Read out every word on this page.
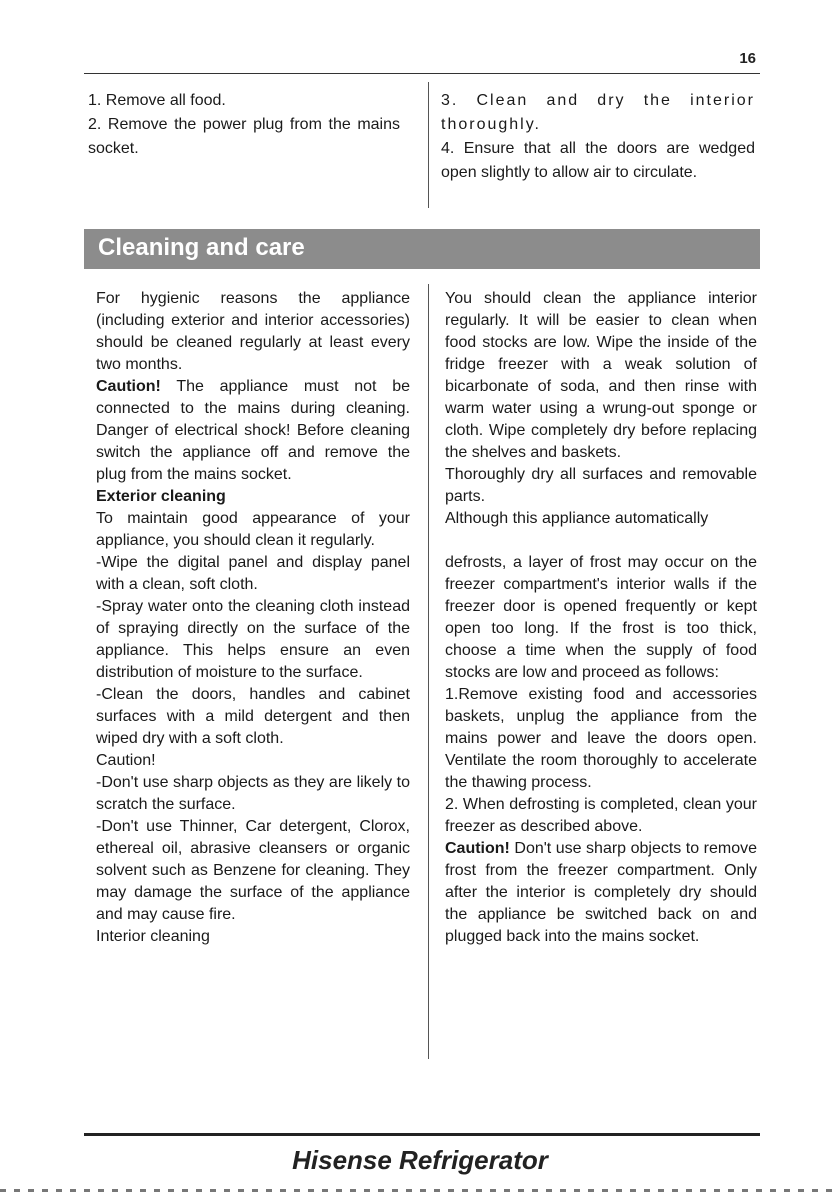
16

1. Remove all food.

2. Remove the power plug from the mains socket.

3. Clean and dry the interior thoroughly.

4. Ensure that all the doors are wedged open slightly to allow air to circulate.

Cleaning and care

For hygienic reasons the appliance (including exterior and interior accessories) should be cleaned regularly at least every two months.

Caution! The appliance must not be connected to the mains during cleaning. Danger of electrical shock! Before cleaning switch the appliance off and remove the plug from the mains socket.

Exterior cleaning

To maintain good appearance of your appliance, you should clean it regularly.

-Wipe the digital panel and display panel with a clean, soft cloth.

-Spray water onto the cleaning cloth instead of spraying directly on the surface of the appliance. This helps ensure an even distribution of moisture to the surface.

-Clean the doors, handles and cabinet surfaces with a mild detergent and then wiped dry with a soft cloth.

Caution!

-Don't use sharp objects as they are likely to scratch the surface.

-Don't use Thinner, Car detergent, Clorox, ethereal oil, abrasive cleansers or organic solvent such as Benzene for cleaning. They may damage the surface of the appliance and may cause fire.

Interior cleaning

You should clean the appliance interior regularly. It will be easier to clean when food stocks are low. Wipe the inside of the fridge freezer with a weak solution of bicarbonate of soda, and then rinse with warm water using a wrung-out sponge or cloth. Wipe completely dry before replacing the shelves and baskets.

Thoroughly dry all surfaces and removable parts.

Although this appliance automatically

defrosts, a layer of frost may occur on the freezer compartment's interior walls if the freezer door is opened frequently or kept open too long. If the frost is too thick, choose a time when the supply of food stocks are low and proceed as follows:

1.Remove existing food and accessories baskets, unplug the appliance from the mains power and leave the doors open. Ventilate the room thoroughly to accelerate the thawing process.

2. When defrosting is completed, clean your freezer as described above.

Caution! Don't use sharp objects to remove frost from the freezer compartment. Only after the interior is completely dry should the appliance be switched back on and plugged back into the mains socket.

Hisense Refrigerator
